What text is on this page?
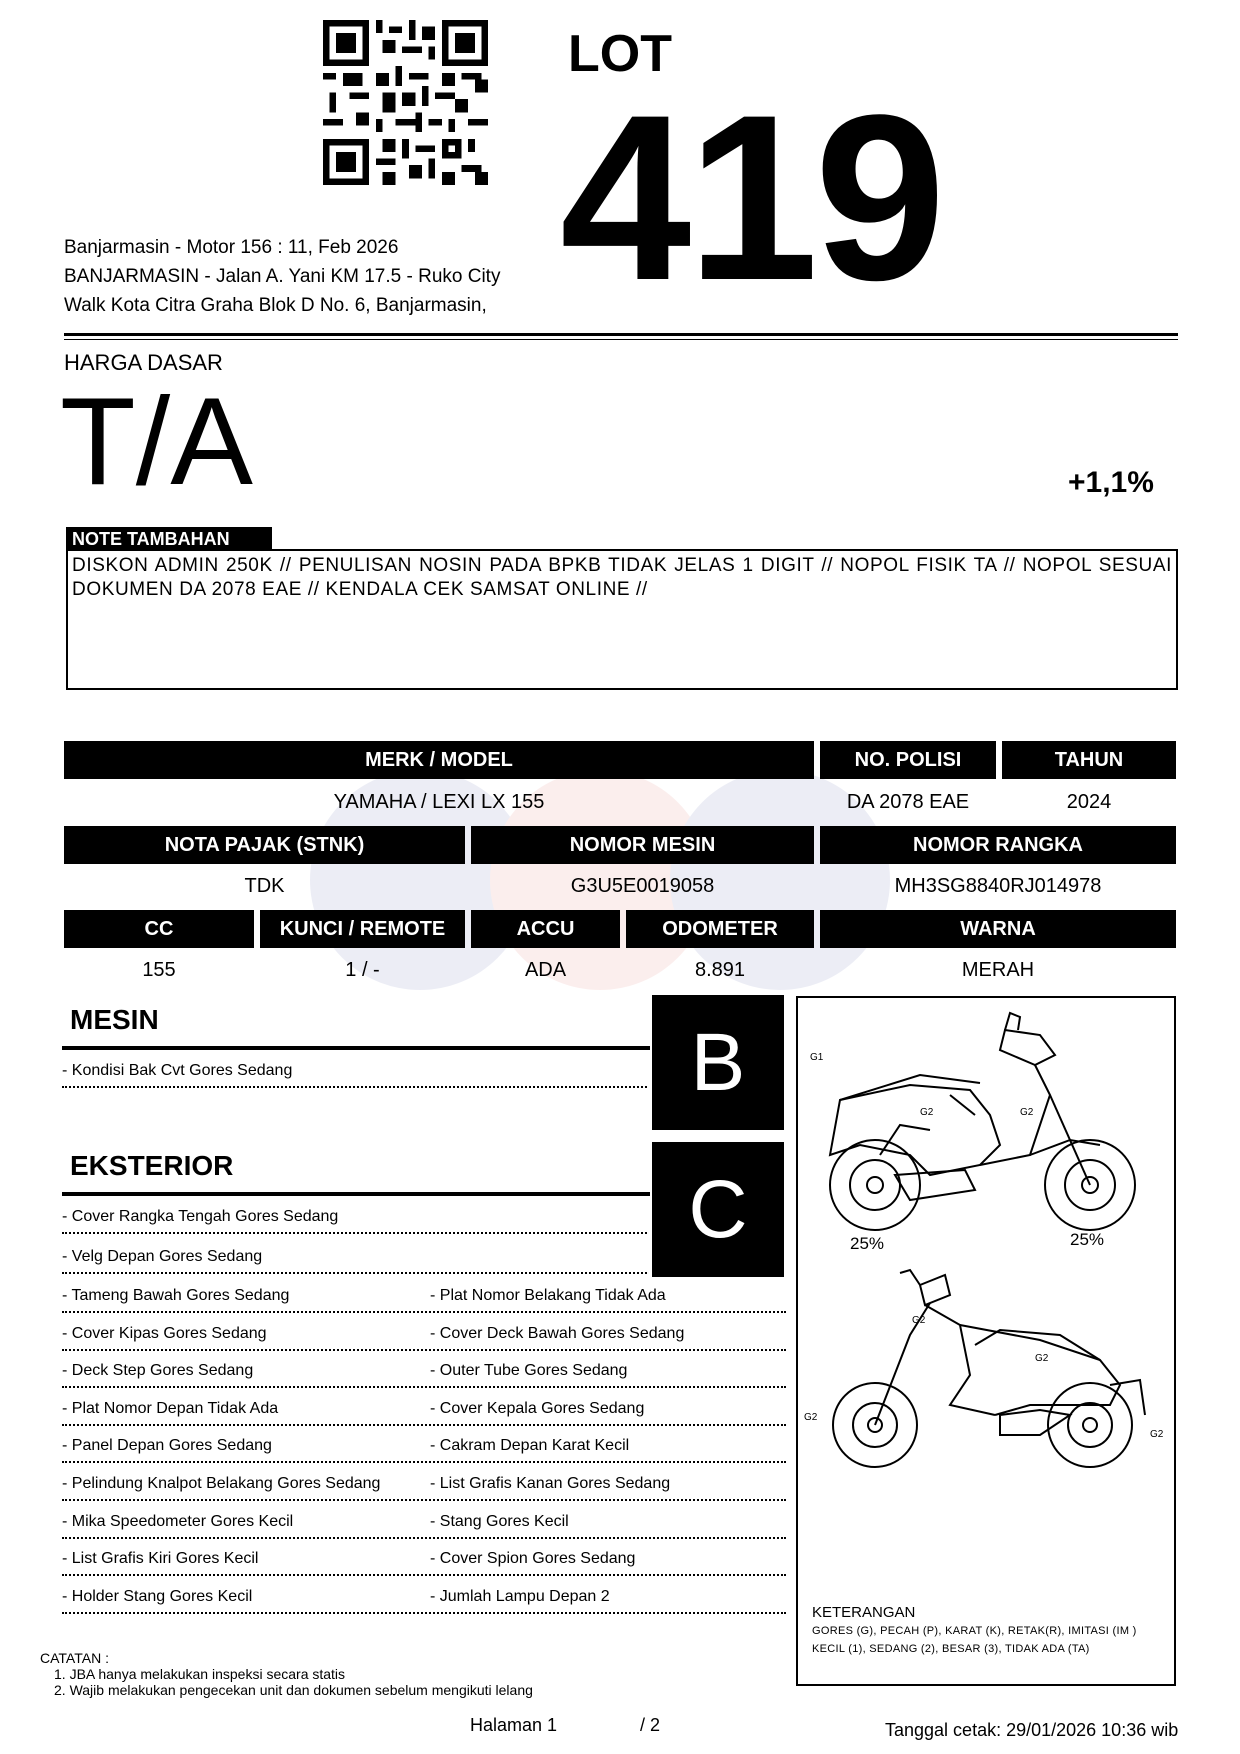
LOT
419
Banjarmasin - Motor 156 : 11, Feb 2026
BANJARMASIN - Jalan A. Yani KM 17.5 - Ruko City
Walk Kota Citra Graha Blok D No. 6, Banjarmasin,
HARGA DASAR
T/A	+1,1%
NOTE TAMBAHAN
DISKON ADMIN 250K // PENULISAN NOSIN PADA BPKB TIDAK JELAS 1 DIGIT // NOPOL FISIK TA // NOPOL SESUAI DOKUMEN DA 2078 EAE // KENDALA CEK SAMSAT ONLINE //
MERK / MODEL	NO. POLISI	TAHUN
YAMAHA / LEXI LX 155	DA 2078 EAE	2024
NOTA PAJAK (STNK)	NOMOR MESIN	NOMOR RANGKA
TDK	G3U5E0019058	MH3SG8840RJ014978
CC	KUNCI / REMOTE	ACCU	ODOMETER	WARNA
155	1 / -	ADA	8.891	MERAH
MESIN	B
- Kondisi Bak Cvt Gores Sedang
EKSTERIOR	C
- Cover Rangka Tengah Gores Sedang
- Velg Depan Gores Sedang
- Tameng Bawah Gores Sedang	- Plat Nomor Belakang Tidak Ada
- Cover Kipas Gores Sedang	- Cover Deck Bawah Gores Sedang
- Deck Step Gores Sedang	- Outer Tube Gores Sedang
- Plat Nomor Depan Tidak Ada	- Cover Kepala Gores Sedang
- Panel Depan Gores Sedang	- Cakram Depan Karat Kecil
- Pelindung Knalpot Belakang Gores Sedang	- List Grafis Kanan Gores Sedang
- Mika Speedometer Gores Kecil	- Stang Gores Kecil
- List Grafis Kiri Gores Kecil	- Cover Spion Gores Sedang
- Holder Stang Gores Kecil	- Jumlah Lampu Depan 2
G1
G2	G2
25%	25%
G2
G2
G2
G2
KETERANGAN
GORES (G), PECAH (P), KARAT (K), RETAK(R), IMITASI (IM )
KECIL (1), SEDANG (2), BESAR (3), TIDAK ADA (TA)
CATATAN :
1. JBA hanya melakukan inspeksi secara statis
2. Wajib melakukan pengecekan unit dan dokumen sebelum mengikuti lelang
Halaman 1	/ 2	Tanggal cetak: 29/01/2026 10:36 wib
